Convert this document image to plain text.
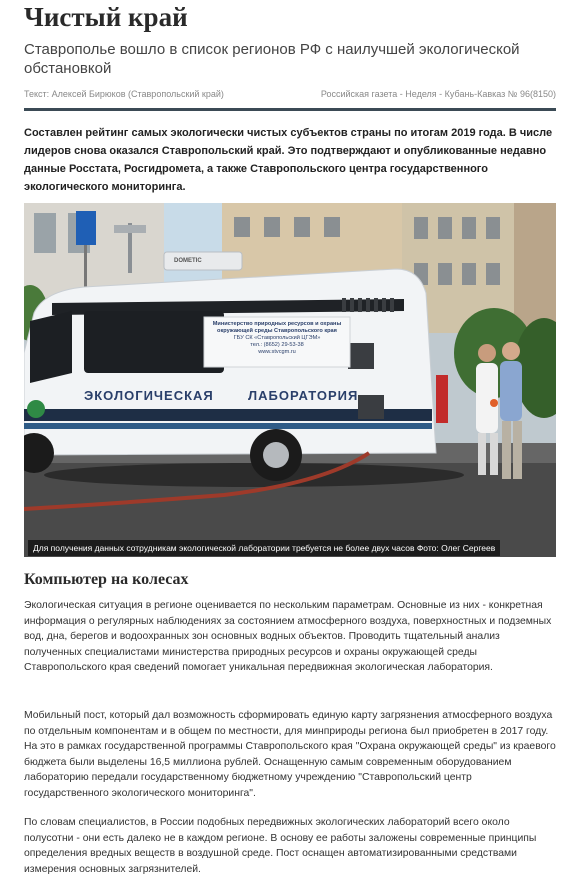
Чистый край

Ставрополье вошло в список регионов РФ с наилучшей экологической обстановкой

Текст: Алексей Бирюков (Ставропольский край)	Российская газета - Неделя - Кубань-Кавказ № 96(8150)

Составлен рейтинг самых экологически чистых субъектов страны по итогам 2019 года. В числе лидеров снова оказался Ставропольский край. Это подтверждают и опубликованные недавно данные Росстата, Росгидромета, а также Ставропольского центра государственного экологического мониторинга.

Министерство природных ресурсов и охраны окружающей среды Ставропольского края
ГБУ СК «Ставропольский ЦГЭМ»
тел.: (8652) 29-53-38
www.stvcgm.ru
DOMETIC
ЭКОЛОГИЧЕСКАЯ	ЛАБОРАТОРИЯ
Для получения данных сотрудникам экологической лаборатории требуется не более двух часов Фото: Олег Сергеев
Компьютер на колесах

Экологическая ситуация в регионе оценивается по нескольким параметрам. Основные из них - конкретная информация о регулярных наблюдениях за состоянием атмосферного воздуха, поверхностных и подземных вод, дна, берегов и водоохранных зон основных водных объектов. Проводить тщательный анализ полученных специалистами министерства природных ресурсов и охраны окружающей среды Ставропольского края сведений помогает уникальная передвижная экологическая лаборатория.

Мобильный пост, который дал возможность сформировать единую карту загрязнения атмосферного воздуха по отдельным компонентам и в общем по местности, для минприроды региона был приобретен в 2017 году. На это в рамках государственной программы Ставропольского края "Охрана окружающей среды" из краевого бюджета были выделены 16,5 миллиона рублей. Оснащенную самым современным оборудованием лабораторию передали государственному бюджетному учреждению "Ставропольский центр государственного экологического мониторинга".

По словам специалистов, в России подобных передвижных экологических лабораторий всего около полусотни - они есть далеко не в каждом регионе. В основу ее работы заложены современные принципы определения вредных веществ в воздушной среде. Пост оснащен автоматизированными средствами измерения основных загрязнителей.
